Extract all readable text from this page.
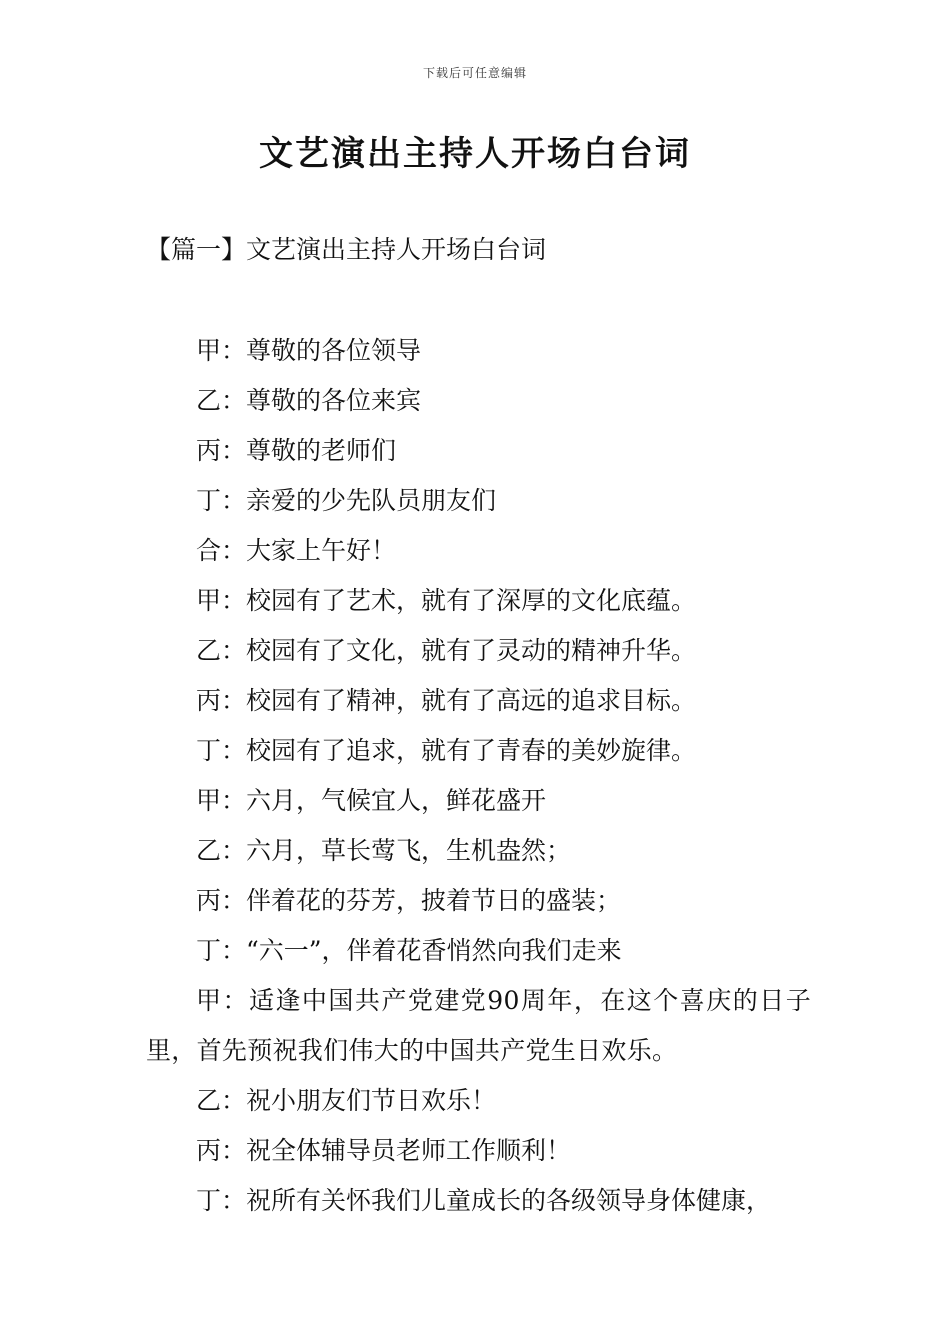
下载后可任意编辑
文艺演出主持人开场白台词
【篇一】文艺演出主持人开场白台词
甲：尊敬的各位领导
乙：尊敬的各位来宾
丙：尊敬的老师们
丁：亲爱的少先队员朋友们
合：大家上午好！
甲：校园有了艺术，就有了深厚的文化底蕴。
乙：校园有了文化，就有了灵动的精神升华。
丙：校园有了精神，就有了高远的追求目标。
丁：校园有了追求，就有了青春的美妙旋律。
甲：六月，气候宜人，鲜花盛开
乙：六月，草长莺飞，生机盎然；
丙：伴着花的芬芳，披着节日的盛装；
丁：“六一”，伴着花香悄然向我们走来
甲：适逢中国共产党建党90周年，在这个喜庆的日子里，首先预祝我们伟大的中国共产党生日欢乐。
乙：祝小朋友们节日欢乐！
丙：祝全体辅导员老师工作顺利！
丁：祝所有关怀我们儿童成长的各级领导身体健康，
